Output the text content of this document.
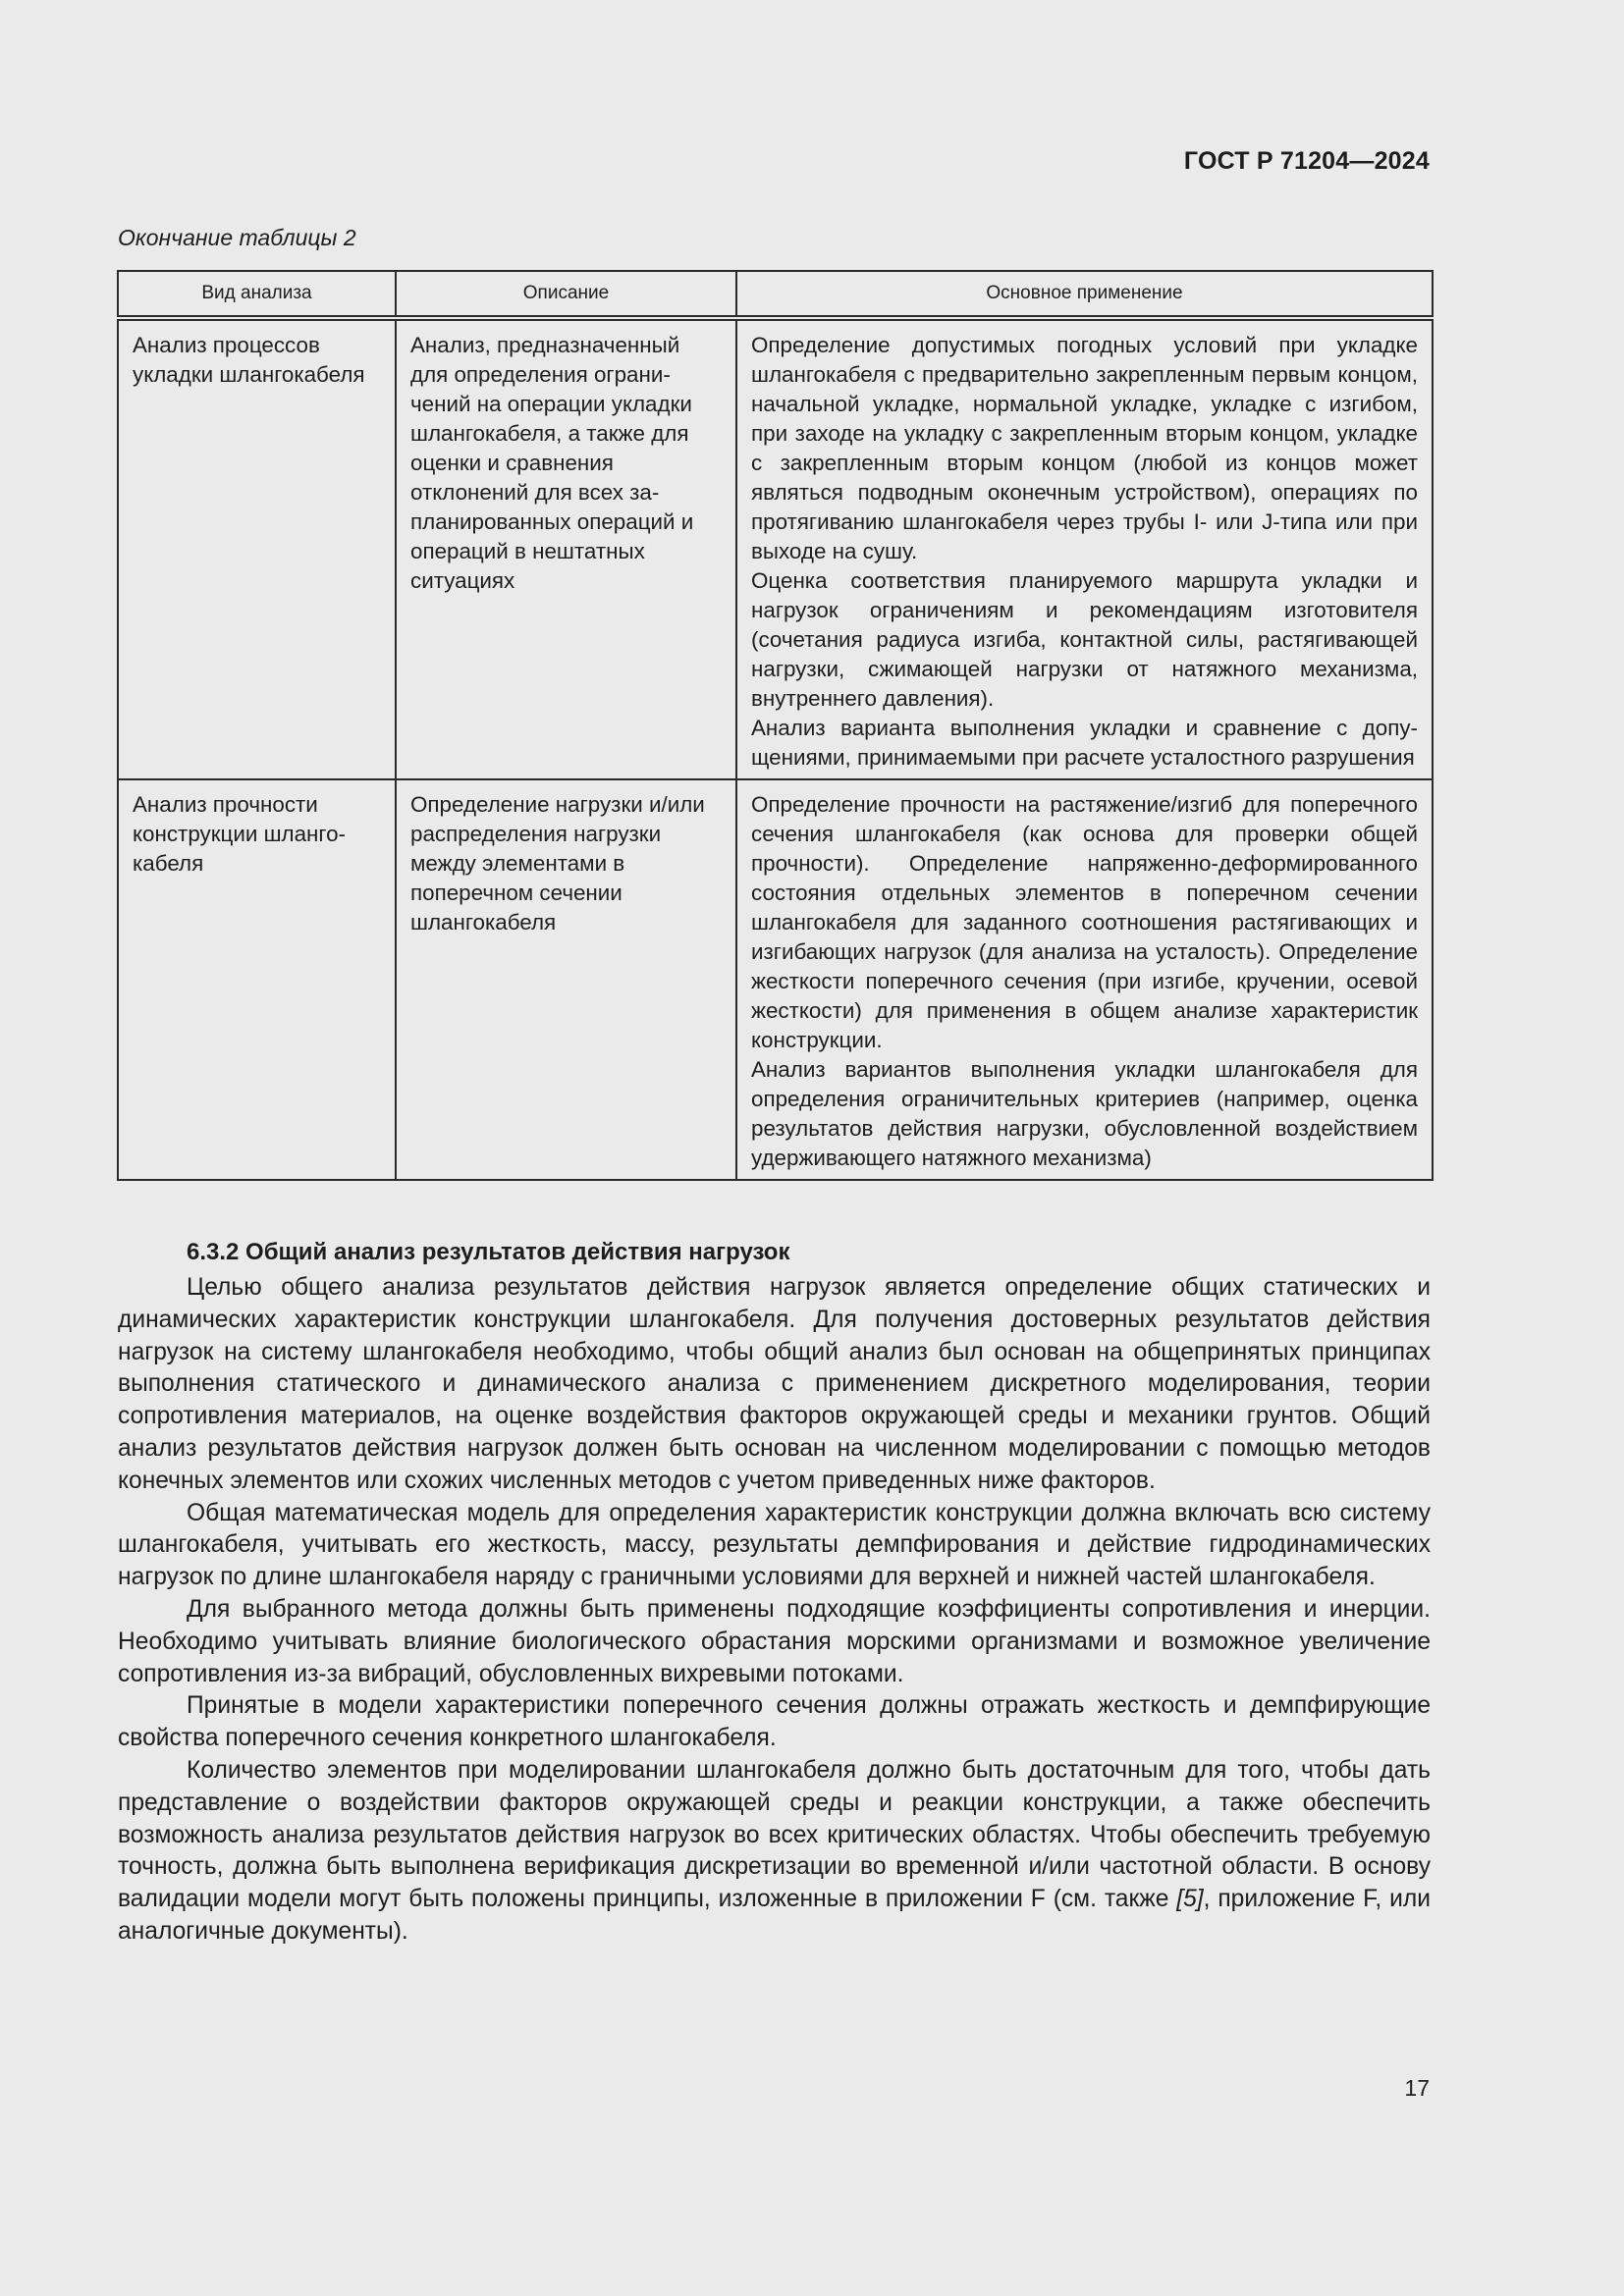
ГОСТ Р 71204—2024
Окончание таблицы 2
Вид анализа	Описание	Основное применение
Анализ процессов укладки шлангокабеля	Анализ, предназначенный для определения ограничений на операции укладки шлангокабеля, а также для оценки и сравнения отклонений для всех запланированных операций и операций в нештатных ситуациях	Определение допустимых погодных условий при укладке шлангокабеля с предварительно закрепленным первым концом, начальной укладке, нормальной укладке, укладке с изгибом, при заходе на укладку с закрепленным вторым концом, укладке с закрепленным вторым концом (любой из концов может являться подводным оконечным устройством), операциях по протягиванию шлангокабеля через трубы I- или J-типа или при выходе на сушу.

Оценка соответствия планируемого маршрута укладки и нагрузок ограничениям и рекомендациям изготовителя (сочетания радиуса изгиба, контактной силы, растягивающей нагрузки, сжимающей нагрузки от натяжного механизма, внутреннего давления).

Анализ варианта выполнения укладки и сравнение с допущениями, принимаемыми при расчете усталостного разрушения

Анализ прочности конструкции шлангокабеля	Определение нагрузки и/или распределения нагрузки между элементами в поперечном сечении шлангокабеля	Определение прочности на растяжение/изгиб для поперечного сечения шлангокабеля (как основа для проверки общей прочности). Определение напряженно-деформированного состояния отдельных элементов в поперечном сечении шлангокабеля для заданного соотношения растягивающих и изгибающих нагрузок (для анализа на усталость). Определение жесткости поперечного сечения (при изгибе, кручении, осевой жесткости) для применения в общем анализе характеристик конструкции.

Анализ вариантов выполнения укладки шлангокабеля для определения ограничительных критериев (например, оценка результатов действия нагрузки, обусловленной воздействием удерживающего натяжного механизма)

6.3.2 Общий анализ результатов действия нагрузок

Целью общего анализа результатов действия нагрузок является определение общих статических и динамических характеристик конструкции шлангокабеля. Для получения достоверных результатов действия нагрузок на систему шлангокабеля необходимо, чтобы общий анализ был основан на общепринятых принципах выполнения статического и динамического анализа с применением дискретного моделирования, теории сопротивления материалов, на оценке воздействия факторов окружающей среды и механики грунтов. Общий анализ результатов действия нагрузок должен быть основан на численном моделировании с помощью методов конечных элементов или схожих численных методов с учетом приведенных ниже факторов.

Общая математическая модель для определения характеристик конструкции должна включать всю систему шлангокабеля, учитывать его жесткость, массу, результаты демпфирования и действие гидродинамических нагрузок по длине шлангокабеля наряду с граничными условиями для верхней и нижней частей шлангокабеля.

Для выбранного метода должны быть применены подходящие коэффициенты сопротивления и инерции. Необходимо учитывать влияние биологического обрастания морскими организмами и возможное увеличение сопротивления из-за вибраций, обусловленных вихревыми потоками.

Принятые в модели характеристики поперечного сечения должны отражать жесткость и демпфирующие свойства поперечного сечения конкретного шлангокабеля.

Количество элементов при моделировании шлангокабеля должно быть достаточным для того, чтобы дать представление о воздействии факторов окружающей среды и реакции конструкции, а также обеспечить возможность анализа результатов действия нагрузок во всех критических областях. Чтобы обеспечить требуемую точность, должна быть выполнена верификация дискретизации во временной и/или частотной области. В основу валидации модели могут быть положены принципы, изложенные в приложении F (см. также [5], приложение F, или аналогичные документы).

17
